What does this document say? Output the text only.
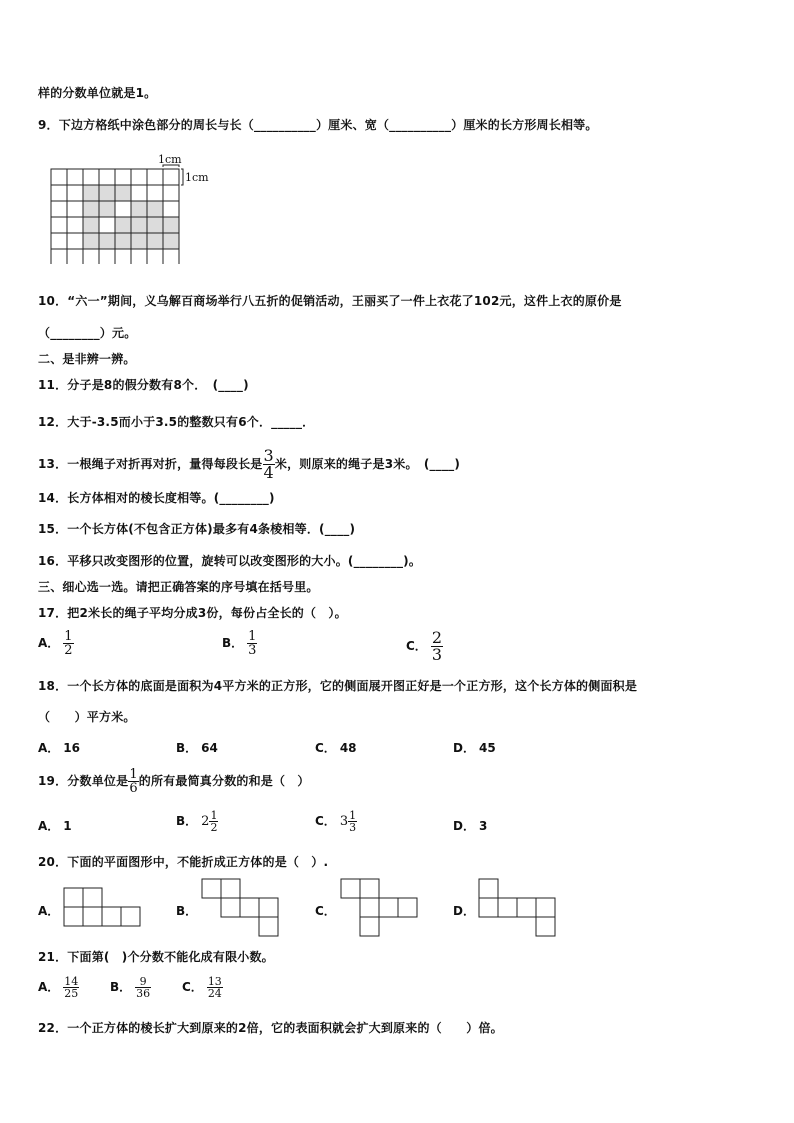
样的分数单位就是1。
9．下边方格纸中涂色部分的周长与长（__________）厘米、宽（__________）厘米的长方形周长相等。
1cm
1cm
10．“六一”期间，义乌解百商场举行八五折的促销活动，王丽买了一件上衣花了102元，这件上衣的原价是
（________）元。
二、是非辨一辨。
11．分子是8的假分数有8个．　(____)
12．大于-3.5而小于3.5的整数只有6个．_____．
13．一根绳子对折再对折，量得每段长是 $\frac{3}{4}$ 米，则原来的绳子是3米。　(____)
14．长方体相对的棱长度相等。(________)
15．一个长方体(不包含正方体)最多有4条棱相等．(____)
16．平移只改变图形的位置，旋转可以改变图形的大小。(________)。
三、细心选一选。请把正确答案的序号填在括号里。
17．把2米长的绳子平均分成3份，每份占全长的（　）。
A． $\frac{1}{2}$	B． $\frac{1}{3}$	C． $\frac{2}{3}$
18．一个长方体的底面是面积为4平方米的正方形，它的侧面展开图正好是一个正方形，这个长方体的侧面积是
（　　）平方米。
A． 16	B． 64	C． 48	D． 45
19．分数单位是 $\frac{1}{6}$ 的所有最简真分数的和是（　）
A． 1	B． $2 \frac{1}{2}$	C． $3 \frac{1}{3}$	D． 3
20．下面的平面图形中，不能折成正方体的是（　）.
A．	B．	C．	D．
21．下面第(　)个分数不能化成有限小数。
A． $\frac{14}{25}$	B． $\frac{9}{36}$	C． $\frac{13}{24}$
22．一个正方体的棱长扩大到原来的2倍，它的表面积就会扩大到原来的（　　）倍。
